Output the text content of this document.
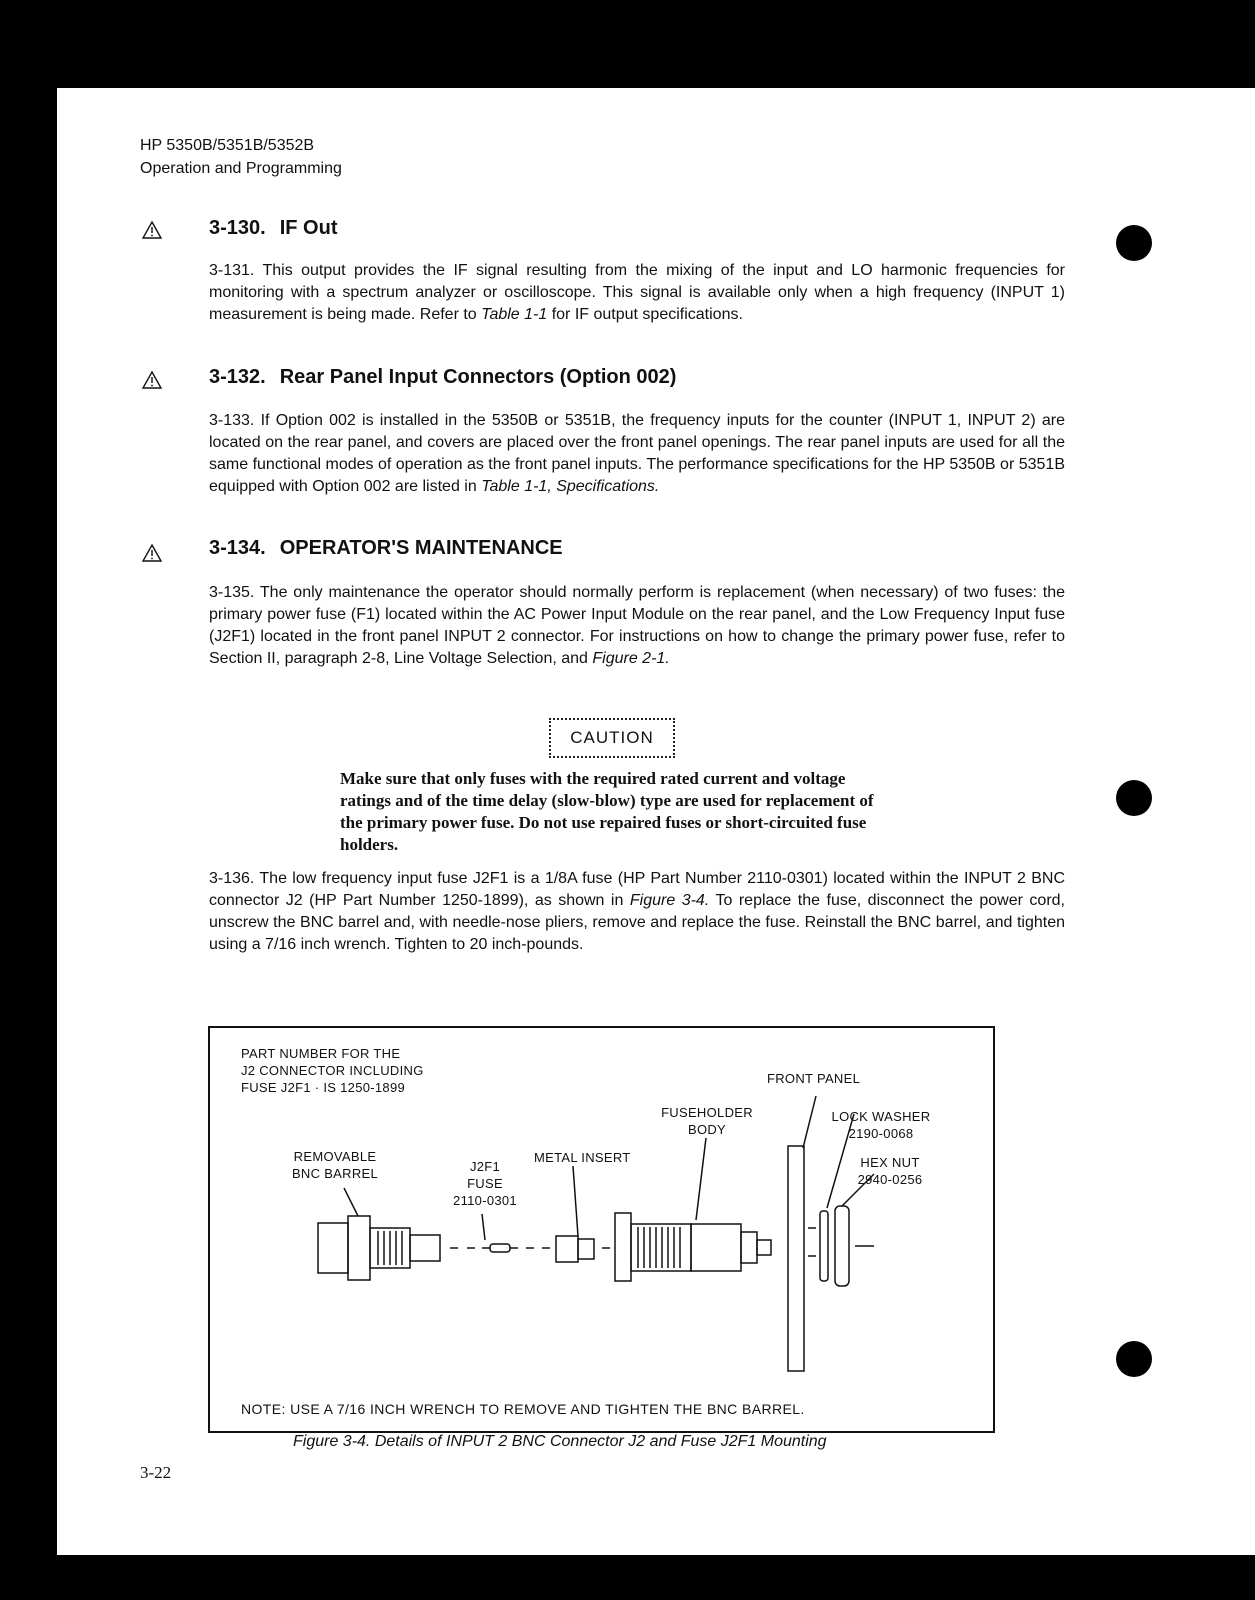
HP 5350B/5351B/5352B
Operation and Programming
3-130. IF Out
3-131. This output provides the IF signal resulting from the mixing of the input and LO harmonic frequencies for monitoring with a spectrum analyzer or oscilloscope. This signal is available only when a high frequency (INPUT 1) measurement is being made. Refer to Table 1-1 for IF output specifications.
3-132. Rear Panel Input Connectors (Option 002)
3-133. If Option 002 is installed in the 5350B or 5351B, the frequency inputs for the counter (INPUT 1, INPUT 2) are located on the rear panel, and covers are placed over the front panel openings. The rear panel inputs are used for all the same functional modes of operation as the front panel inputs. The performance specifications for the HP 5350B or 5351B equipped with Option 002 are listed in Table 1-1, Specifications.
3-134. OPERATOR'S MAINTENANCE
3-135. The only maintenance the operator should normally perform is replacement (when necessary) of two fuses: the primary power fuse (F1) located within the AC Power Input Module on the rear panel, and the Low Frequency Input fuse (J2F1) located in the front panel INPUT 2 connector. For instructions on how to change the primary power fuse, refer to Section II, paragraph 2-8, Line Voltage Selection, and Figure 2-1.
CAUTION
Make sure that only fuses with the required rated current and voltage ratings and of the time delay (slow-blow) type are used for replacement of the primary power fuse. Do not use repaired fuses or short-circuited fuse holders.
3-136. The low frequency input fuse J2F1 is a 1/8A fuse (HP Part Number 2110-0301) located within the INPUT 2 BNC connector J2 (HP Part Number 1250-1899), as shown in Figure 3-4. To replace the fuse, disconnect the power cord, unscrew the BNC barrel and, with needle-nose pliers, remove and replace the fuse. Reinstall the BNC barrel, and tighten using a 7/16 inch wrench. Tighten to 20 inch-pounds.
PART NUMBER FOR THE
J2 CONNECTOR INCLUDING
FUSE J2F1 · IS 1250-1899
FRONT PANEL
FUSEHOLDER
BODY
LOCK WASHER
2190-0068
REMOVABLE
BNC BARREL	J2F1
FUSE
2110-0301
METAL INSERT	HEX NUT
2940-0256
NOTE: USE A 7/16 INCH WRENCH TO REMOVE AND TIGHTEN THE BNC BARREL.
Figure 3-4. Details of INPUT 2 BNC Connector J2 and Fuse J2F1 Mounting
3-22
